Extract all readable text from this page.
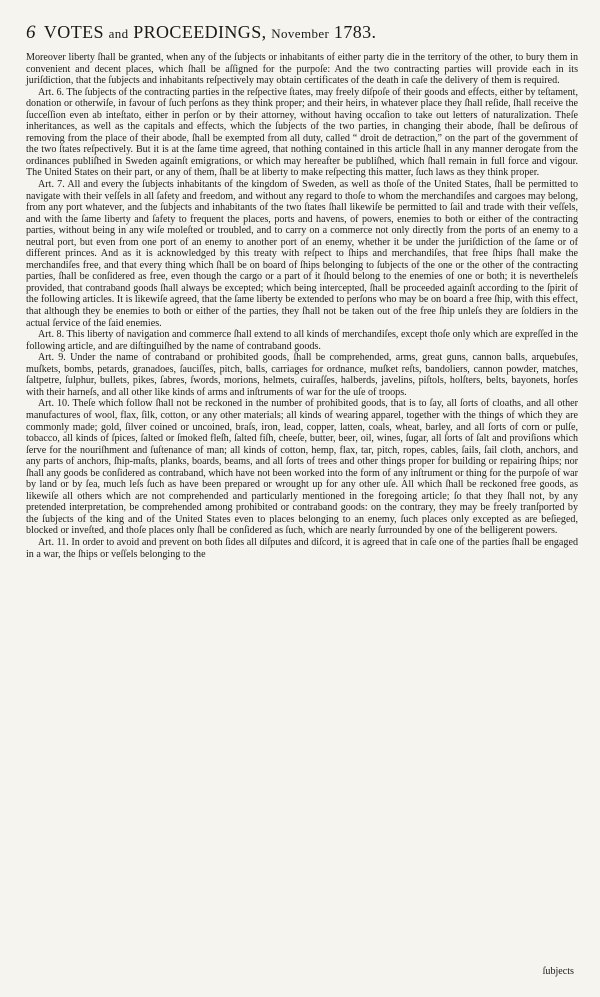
6 VOTES and PROCEEDINGS, November 1783.

Moreover liberty ſhall be granted, when any of the ſubjects or inhabitants of either party die in the territory of the other, to bury them in convenient and decent places, which ſhall be aſſigned for the purpoſe: And the two contracting parties will provide each in its juriſdiction, that the ſubjects and inhabitants reſpectively may obtain certificates of the death in caſe the delivery of them is required.

Art. 6. The ſubjects of the contracting parties in the reſpective ſtates, may freely diſpoſe of their goods and effects, either by teſtament, donation or otherwiſe, in favour of ſuch perſons as they think proper; and their heirs, in whatever place they ſhall reſide, ſhall receive the ſucceſſion even ab inteſtato, either in perſon or by their attorney, without having occaſion to take out letters of naturalization. Theſe inheritances, as well as the capitals and effects, which the ſubjects of the two parties, in changing their abode, ſhall be deſirous of removing from the place of their abode, ſhall be exempted from all duty, called “ droit de detraction,” on the part of the government of the two ſtates reſpectively. But it is at the ſame time agreed, that nothing contained in this article ſhall in any manner derogate from the ordinances publiſhed in Sweden againſt emigrations, or which may hereafter be publiſhed, which ſhall remain in full force and vigour. The United States on their part, or any of them, ſhall be at liberty to make reſpecting this matter, ſuch laws as they think proper.

Art. 7. All and every the ſubjects inhabitants of the kingdom of Sweden, as well as thoſe of the United States, ſhall be permitted to navigate with their veſſels in all ſafety and freedom, and without any regard to thoſe to whom the merchandiſes and cargoes may belong, from any port whatever, and the ſubjects and inhabitants of the two ſtates ſhall likewiſe be permitted to ſail and trade with their veſſels, and with the ſame liberty and ſafety to frequent the places, ports and havens, of powers, enemies to both or either of the contracting parties, without being in any wiſe moleſted or troubled, and to carry on a commerce not only directly from the ports of an enemy to a neutral port, but even from one port of an enemy to another port of an enemy, whether it be under the juriſdiction of the ſame or of different princes. And as it is acknowledged by this treaty with reſpect to ſhips and merchandiſes, that free ſhips ſhall make the merchandiſes free, and that every thing which ſhall be on board of ſhips belonging to ſubjects of the one or the other of the contracting parties, ſhall be conſidered as free, even though the cargo or a part of it ſhould belong to the enemies of one or both; it is neverthelеſs provided, that contraband goods ſhall always be excepted; which being intercepted, ſhall be proceeded againſt according to the ſpirit of the following articles. It is likewiſe agreed, that the ſame liberty be extended to perſons who may be on board a free ſhip, with this effect, that although they be enemies to both or either of the parties, they ſhall not be taken out of the free ſhip unleſs they are ſoldiers in the actual ſervice of the ſaid enemies.

Art. 8. This liberty of navigation and commerce ſhall extend to all kinds of merchandiſes, except thoſe only which are expreſſed in the following article, and are diſtinguiſhed by the name of contraband goods.

Art. 9. Under the name of contraband or prohibited goods, ſhall be comprehended, arms, great guns, cannon balls, arquebuſes, muſkets, bombs, petards, granadoes, ſauciſſes, pitch, balls, carriages for ordnance, muſket reſts, bandoliers, cannon powder, matches, ſaltpetre, ſulphur, bullets, pikes, ſabres, ſwords, morions, helmets, cuiraſſes, halberds, javelins, piſtols, holſters, belts, bayonets, horſes with their harneſs, and all other like kinds of arms and inſtruments of war for the uſe of troops.

Art. 10. Theſe which follow ſhall not be reckoned in the number of prohibited goods, that is to ſay, all ſorts of cloaths, and all other manufactures of wool, flax, ſilk, cotton, or any other materials; all kinds of wearing apparel, together with the things of which they are commonly made; gold, ſilver coined or uncoined, braſs, iron, lead, copper, latten, coals, wheat, barley, and all ſorts of corn or pulſe, tobacco, all kinds of ſpices, ſalted or ſmoked fleſh, ſalted fiſh, cheeſe, butter, beer, oil, wines, ſugar, all ſorts of ſalt and proviſions which ſerve for the nouriſhment and ſuſtenance of man; all kinds of cotton, hemp, flax, tar, pitch, ropes, cables, ſails, ſail cloth, anchors, and any parts of anchors, ſhip-maſts, planks, boards, beams, and all ſorts of trees and other things proper for building or repairing ſhips; nor ſhall any goods be conſidered as contraband, which have not been worked into the form of any inſtrument or thing for the purpoſe of war by land or by ſea, much leſs ſuch as have been prepared or wrought up for any other uſe. All which ſhall be reckoned free goods, as likewiſe all others which are not comprehended and particularly mentioned in the foregoing article; ſo that they ſhall not, by any pretended interpretation, be comprehended among prohibited or contraband goods: on the contrary, they may be freely tranſported by the ſubjects of the king and of the United States even to places belonging to an enemy, ſuch places only excepted as are beſieged, blocked or inveſted, and thoſe places only ſhall be conſidered as ſuch, which are nearly ſurrounded by one of the belligerent powers.

Art. 11. In order to avoid and prevent on both ſides all diſputes and diſcord, it is agreed that in caſe one of the parties ſhall be engaged in a war, the ſhips or veſſels belonging to the

ſubjects
